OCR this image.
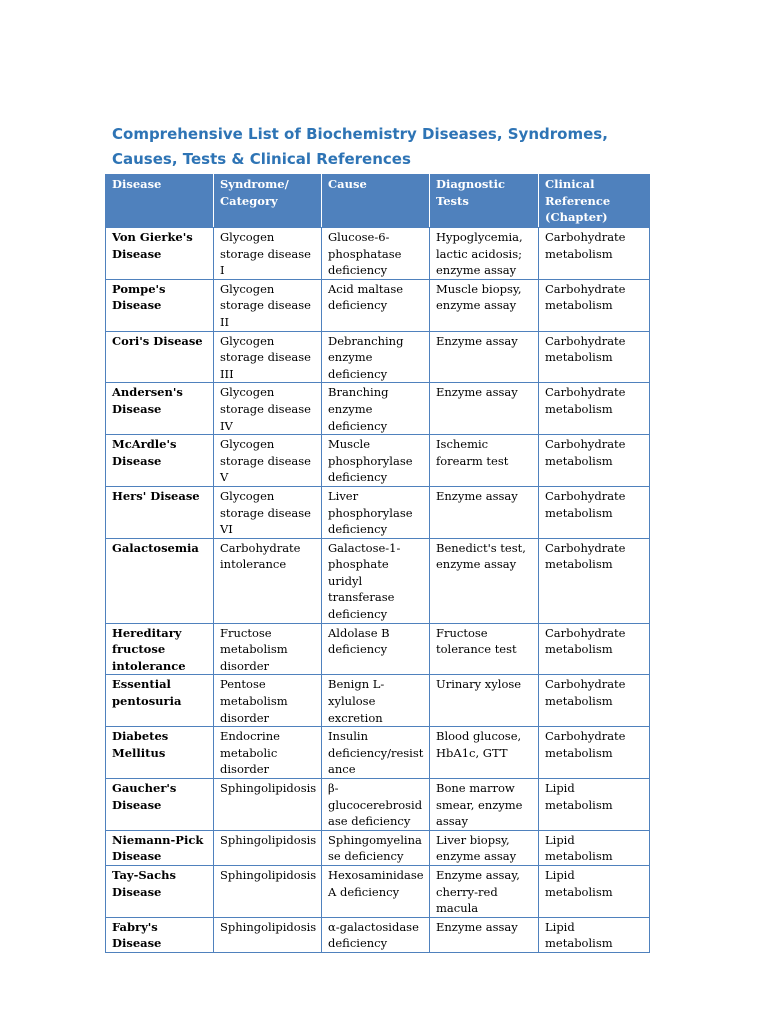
Comprehensive List of Biochemistry Diseases, Syndromes, Causes, Tests & Clinical References
Disease	Syndrome/ Category	Cause	Diagnostic Tests	Clinical Reference (Chapter)
Von Gierke's Disease	Glycogen storage disease I	Glucose-6-phosphatase deficiency	Hypoglycemia, lactic acidosis; enzyme assay	Carbohydrate metabolism
Pompe's Disease	Glycogen storage disease II	Acid maltase deficiency	Muscle biopsy, enzyme assay	Carbohydrate metabolism
Cori's Disease	Glycogen storage disease III	Debranching enzyme deficiency	Enzyme assay	Carbohydrate metabolism
Andersen's Disease	Glycogen storage disease IV	Branching enzyme deficiency	Enzyme assay	Carbohydrate metabolism
McArdle's Disease	Glycogen storage disease V	Muscle phosphorylase deficiency	Ischemic forearm test	Carbohydrate metabolism
Hers' Disease	Glycogen storage disease VI	Liver phosphorylase deficiency	Enzyme assay	Carbohydrate metabolism
Galactosemia	Carbohydrate intolerance	Galactose-1-phosphate uridyl transferase deficiency	Benedict's test, enzyme assay	Carbohydrate metabolism
Hereditary fructose intolerance	Fructose metabolism disorder	Aldolase B deficiency	Fructose tolerance test	Carbohydrate metabolism
Essential pentosuria	Pentose metabolism disorder	Benign L-xylulose excretion	Urinary xylose	Carbohydrate metabolism
Diabetes Mellitus	Endocrine metabolic disorder	Insulin deficiency/resistance	Blood glucose, HbA1c, GTT	Carbohydrate metabolism
Gaucher's Disease	Sphingolipidosis	β-glucocerebrosidase deficiency	Bone marrow smear, enzyme assay	Lipid metabolism
Niemann-Pick Disease	Sphingolipidosis	Sphingomyelinase deficiency	Liver biopsy, enzyme assay	Lipid metabolism
Tay-Sachs Disease	Sphingolipidosis	Hexosaminidase A deficiency	Enzyme assay, cherry-red macula	Lipid metabolism
Fabry's Disease	Sphingolipidosis	α-galactosidase deficiency	Enzyme assay	Lipid metabolism
